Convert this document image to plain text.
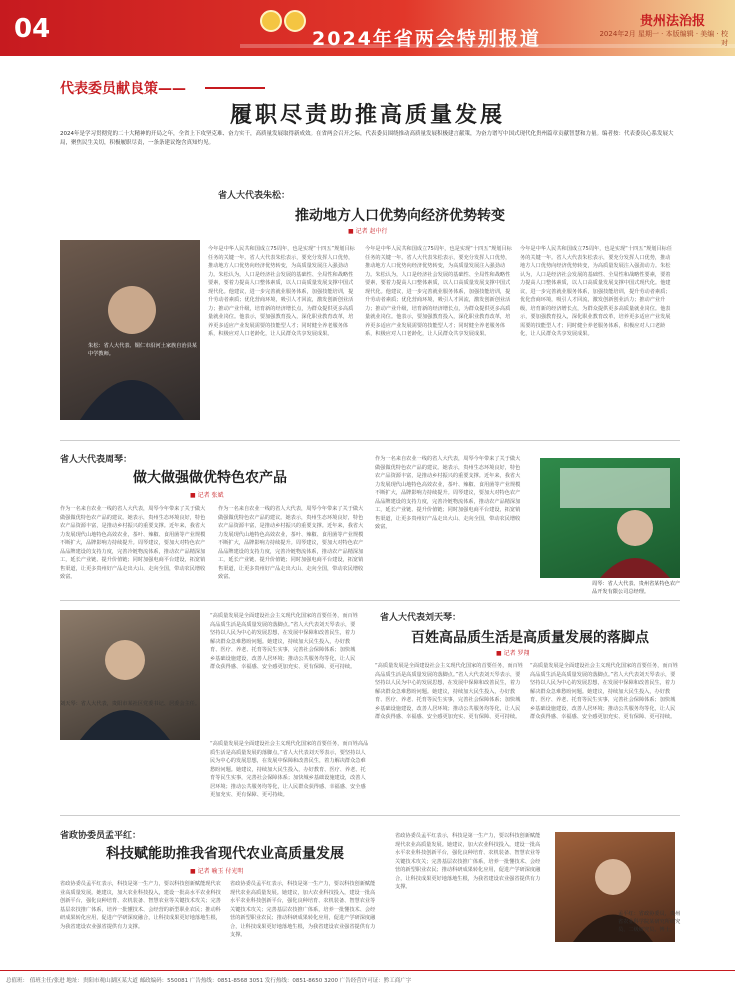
04	2024年省两会特别报道
贵州法治报
2024年2月 星期一 · 本版编辑 · 美编 · 校对
代表委员献良策——
履职尽责助推高质量发展
2024年是学习贯彻党的二十大精神的开局之年，全省上下攻坚克难、奋力实干，高质量发展取得新成效。在省两会召开之际，代表委员围绕推动高质量发展积极建言献策，为奋力谱写中国式现代化贵州篇章贡献智慧和力量。编者按：代表委员心系发展大局，聚焦民生关切，积极履职尽责，一条条建议饱含真知灼见。
省人大代表朱松：
推动地方人口优势向经济优势转变
■ 记者 赵中行
朱松：省人大代表、铜仁市沿河土家族自治县某中学教师。
今年是中华人民共和国成立75周年，也是实现“十四五”规划目标任务的关键一年。省人大代表朱松表示，要充分发挥人口优势，推动地方人口优势向经济优势转变，为高质量发展注入强劲动力。朱松认为，人口是经济社会发展的基础性、全局性和战略性要素，要着力提高人口整体素质，以人口高质量发展支撑中国式现代化。他建议，进一步完善就业服务体系，加强技能培训，提升劳动者素质；优化营商环境，吸引人才回流，激发创新创业活力；推动产业升级，培育新的经济增长点，为群众提供更多高质量就业岗位。他表示，要加强教育投入，深化职业教育改革，培养更多适应产业发展需要的技能型人才；同时健全养老服务体系，积极应对人口老龄化，让人民群众共享发展成果。
今年是中华人民共和国成立75周年，也是实现“十四五”规划目标任务的关键一年。省人大代表朱松表示，要充分发挥人口优势，推动地方人口优势向经济优势转变，为高质量发展注入强劲动力。朱松认为，人口是经济社会发展的基础性、全局性和战略性要素，要着力提高人口整体素质，以人口高质量发展支撑中国式现代化。他建议，进一步完善就业服务体系，加强技能培训，提升劳动者素质；优化营商环境，吸引人才回流，激发创新创业活力；推动产业升级，培育新的经济增长点，为群众提供更多高质量就业岗位。他表示，要加强教育投入，深化职业教育改革，培养更多适应产业发展需要的技能型人才；同时健全养老服务体系，积极应对人口老龄化，让人民群众共享发展成果。
今年是中华人民共和国成立75周年，也是实现“十四五”规划目标任务的关键一年。省人大代表朱松表示，要充分发挥人口优势，推动地方人口优势向经济优势转变，为高质量发展注入强劲动力。朱松认为，人口是经济社会发展的基础性、全局性和战略性要素，要着力提高人口整体素质，以人口高质量发展支撑中国式现代化。他建议，进一步完善就业服务体系，加强技能培训，提升劳动者素质；优化营商环境，吸引人才回流，激发创新创业活力；推动产业升级，培育新的经济增长点，为群众提供更多高质量就业岗位。他表示，要加强教育投入，深化职业教育改革，培养更多适应产业发展需要的技能型人才；同时健全养老服务体系，积极应对人口老龄化，让人民群众共享发展成果。
省人大代表周琴：
做大做强做优特色农产品
■ 记者 张斌
作为一名来自农业一线的省人大代表，周琴今年带来了关于做大做强做优特色农产品的建议。她表示，贵州生态环境良好，特色农产品资源丰富，是推动乡村振兴的重要支撑。近年来，我省大力发展现代山地特色高效农业，茶叶、辣椒、食用菌等产业规模不断扩大，品牌影响力持续提升。周琴建议，要加大对特色农产品品牌建设的支持力度，完善冷链物流体系，推动农产品精深加工，延长产业链、提升价值链；同时加强电商平台建设，拓宽销售渠道，让更多贵州好产品走出大山、走向全国，带动农民增收致富。
作为一名来自农业一线的省人大代表，周琴今年带来了关于做大做强做优特色农产品的建议。她表示，贵州生态环境良好，特色农产品资源丰富，是推动乡村振兴的重要支撑。近年来，我省大力发展现代山地特色高效农业，茶叶、辣椒、食用菌等产业规模不断扩大，品牌影响力持续提升。周琴建议，要加大对特色农产品品牌建设的支持力度，完善冷链物流体系，推动农产品精深加工，延长产业链、提升价值链；同时加强电商平台建设，拓宽销售渠道，让更多贵州好产品走出大山、走向全国，带动农民增收致富。
作为一名来自农业一线的省人大代表，周琴今年带来了关于做大做强做优特色农产品的建议。她表示，贵州生态环境良好，特色农产品资源丰富，是推动乡村振兴的重要支撑。近年来，我省大力发展现代山地特色高效农业，茶叶、辣椒、食用菌等产业规模不断扩大，品牌影响力持续提升。周琴建议，要加大对特色农产品品牌建设的支持力度，完善冷链物流体系，推动农产品精深加工，延长产业链、提升价值链；同时加强电商平台建设，拓宽销售渠道，让更多贵州好产品走出大山、走向全国，带动农民增收致富。
周琴：省人大代表、贵州省某特色农产品开发有限公司总经理。
刘天琴：省人大代表，贵阳市某社区党委书记、居委会主任。
“高质量发展是全面建设社会主义现代化国家的首要任务，而百姓高品质生活是高质量发展的落脚点。”省人大代表刘天琴表示，要坚持以人民为中心的发展思想，在发展中保障和改善民生，着力解决群众急难愁盼问题。她建议，持续加大民生投入，办好教育、医疗、养老、托育等民生实事，完善社会保障体系；加快城乡基础设施建设，改善人居环境；推动公共服务均等化，让人民群众获得感、幸福感、安全感更加充实、更有保障、更可持续。
省人大代表刘天琴：
百姓高品质生活是高质量发展的落脚点
■ 记者 罗翔
“高质量发展是全面建设社会主义现代化国家的首要任务，而百姓高品质生活是高质量发展的落脚点。”省人大代表刘天琴表示，要坚持以人民为中心的发展思想，在发展中保障和改善民生，着力解决群众急难愁盼问题。她建议，持续加大民生投入，办好教育、医疗、养老、托育等民生实事，完善社会保障体系；加快城乡基础设施建设，改善人居环境；推动公共服务均等化，让人民群众获得感、幸福感、安全感更加充实、更有保障、更可持续。
“高质量发展是全面建设社会主义现代化国家的首要任务，而百姓高品质生活是高质量发展的落脚点。”省人大代表刘天琴表示，要坚持以人民为中心的发展思想，在发展中保障和改善民生，着力解决群众急难愁盼问题。她建议，持续加大民生投入，办好教育、医疗、养老、托育等民生实事，完善社会保障体系；加快城乡基础设施建设，改善人居环境；推动公共服务均等化，让人民群众获得感、幸福感、安全感更加充实、更有保障、更可持续。
“高质量发展是全面建设社会主义现代化国家的首要任务，而百姓高品质生活是高质量发展的落脚点。”省人大代表刘天琴表示，要坚持以人民为中心的发展思想，在发展中保障和改善民生，着力解决群众急难愁盼问题。她建议，持续加大民生投入，办好教育、医疗、养老、托育等民生实事，完善社会保障体系；加快城乡基础设施建设，改善人居环境；推动公共服务均等化，让人民群众获得感、幸福感、安全感更加充实、更有保障、更可持续。
省政协委员孟平红：
科技赋能助推我省现代农业高质量发展
■ 记者 喻玉 付光明
省政协委员孟平红表示，科技是第一生产力，要以科技创新赋能现代农业高质量发展。她建议，加大农业科技投入，建设一批高水平农业科技创新平台，强化良种培育、农机装备、智慧农业等关键技术攻关；完善基层农技推广体系，培养一批懂技术、会经营的新型职业农民；推动科研成果转化应用，促进产学研深度融合，让科技成果更好地落地生根，为我省建设农业强省提供有力支撑。
省政协委员孟平红表示，科技是第一生产力，要以科技创新赋能现代农业高质量发展。她建议，加大农业科技投入，建设一批高水平农业科技创新平台，强化良种培育、农机装备、智慧农业等关键技术攻关；完善基层农技推广体系，培养一批懂技术、会经营的新型职业农民；推动科研成果转化应用，促进产学研深度融合，让科技成果更好地落地生根，为我省建设农业强省提供有力支撑。
省政协委员孟平红表示，科技是第一生产力，要以科技创新赋能现代农业高质量发展。她建议，加大农业科技投入，建设一批高水平农业科技创新平台，强化良种培育、农机装备、智慧农业等关键技术攻关；完善基层农技推广体系，培养一批懂技术、会经营的新型职业农民；推动科研成果转化应用，促进产学研深度融合，让科技成果更好地落地生根，为我省建设农业强省提供有力支撑。
孟平红：省政协委员，贵州省农业科学院某研究所研究员、二级研究员、博士。
总值班： 值班主任/张进 地址：贵阳市观山湖区某大道 邮政编码：550081 广告热线：0851-8568 3051 发行热线：0851-8650 3200 广告经营许可证：黔工商广字
